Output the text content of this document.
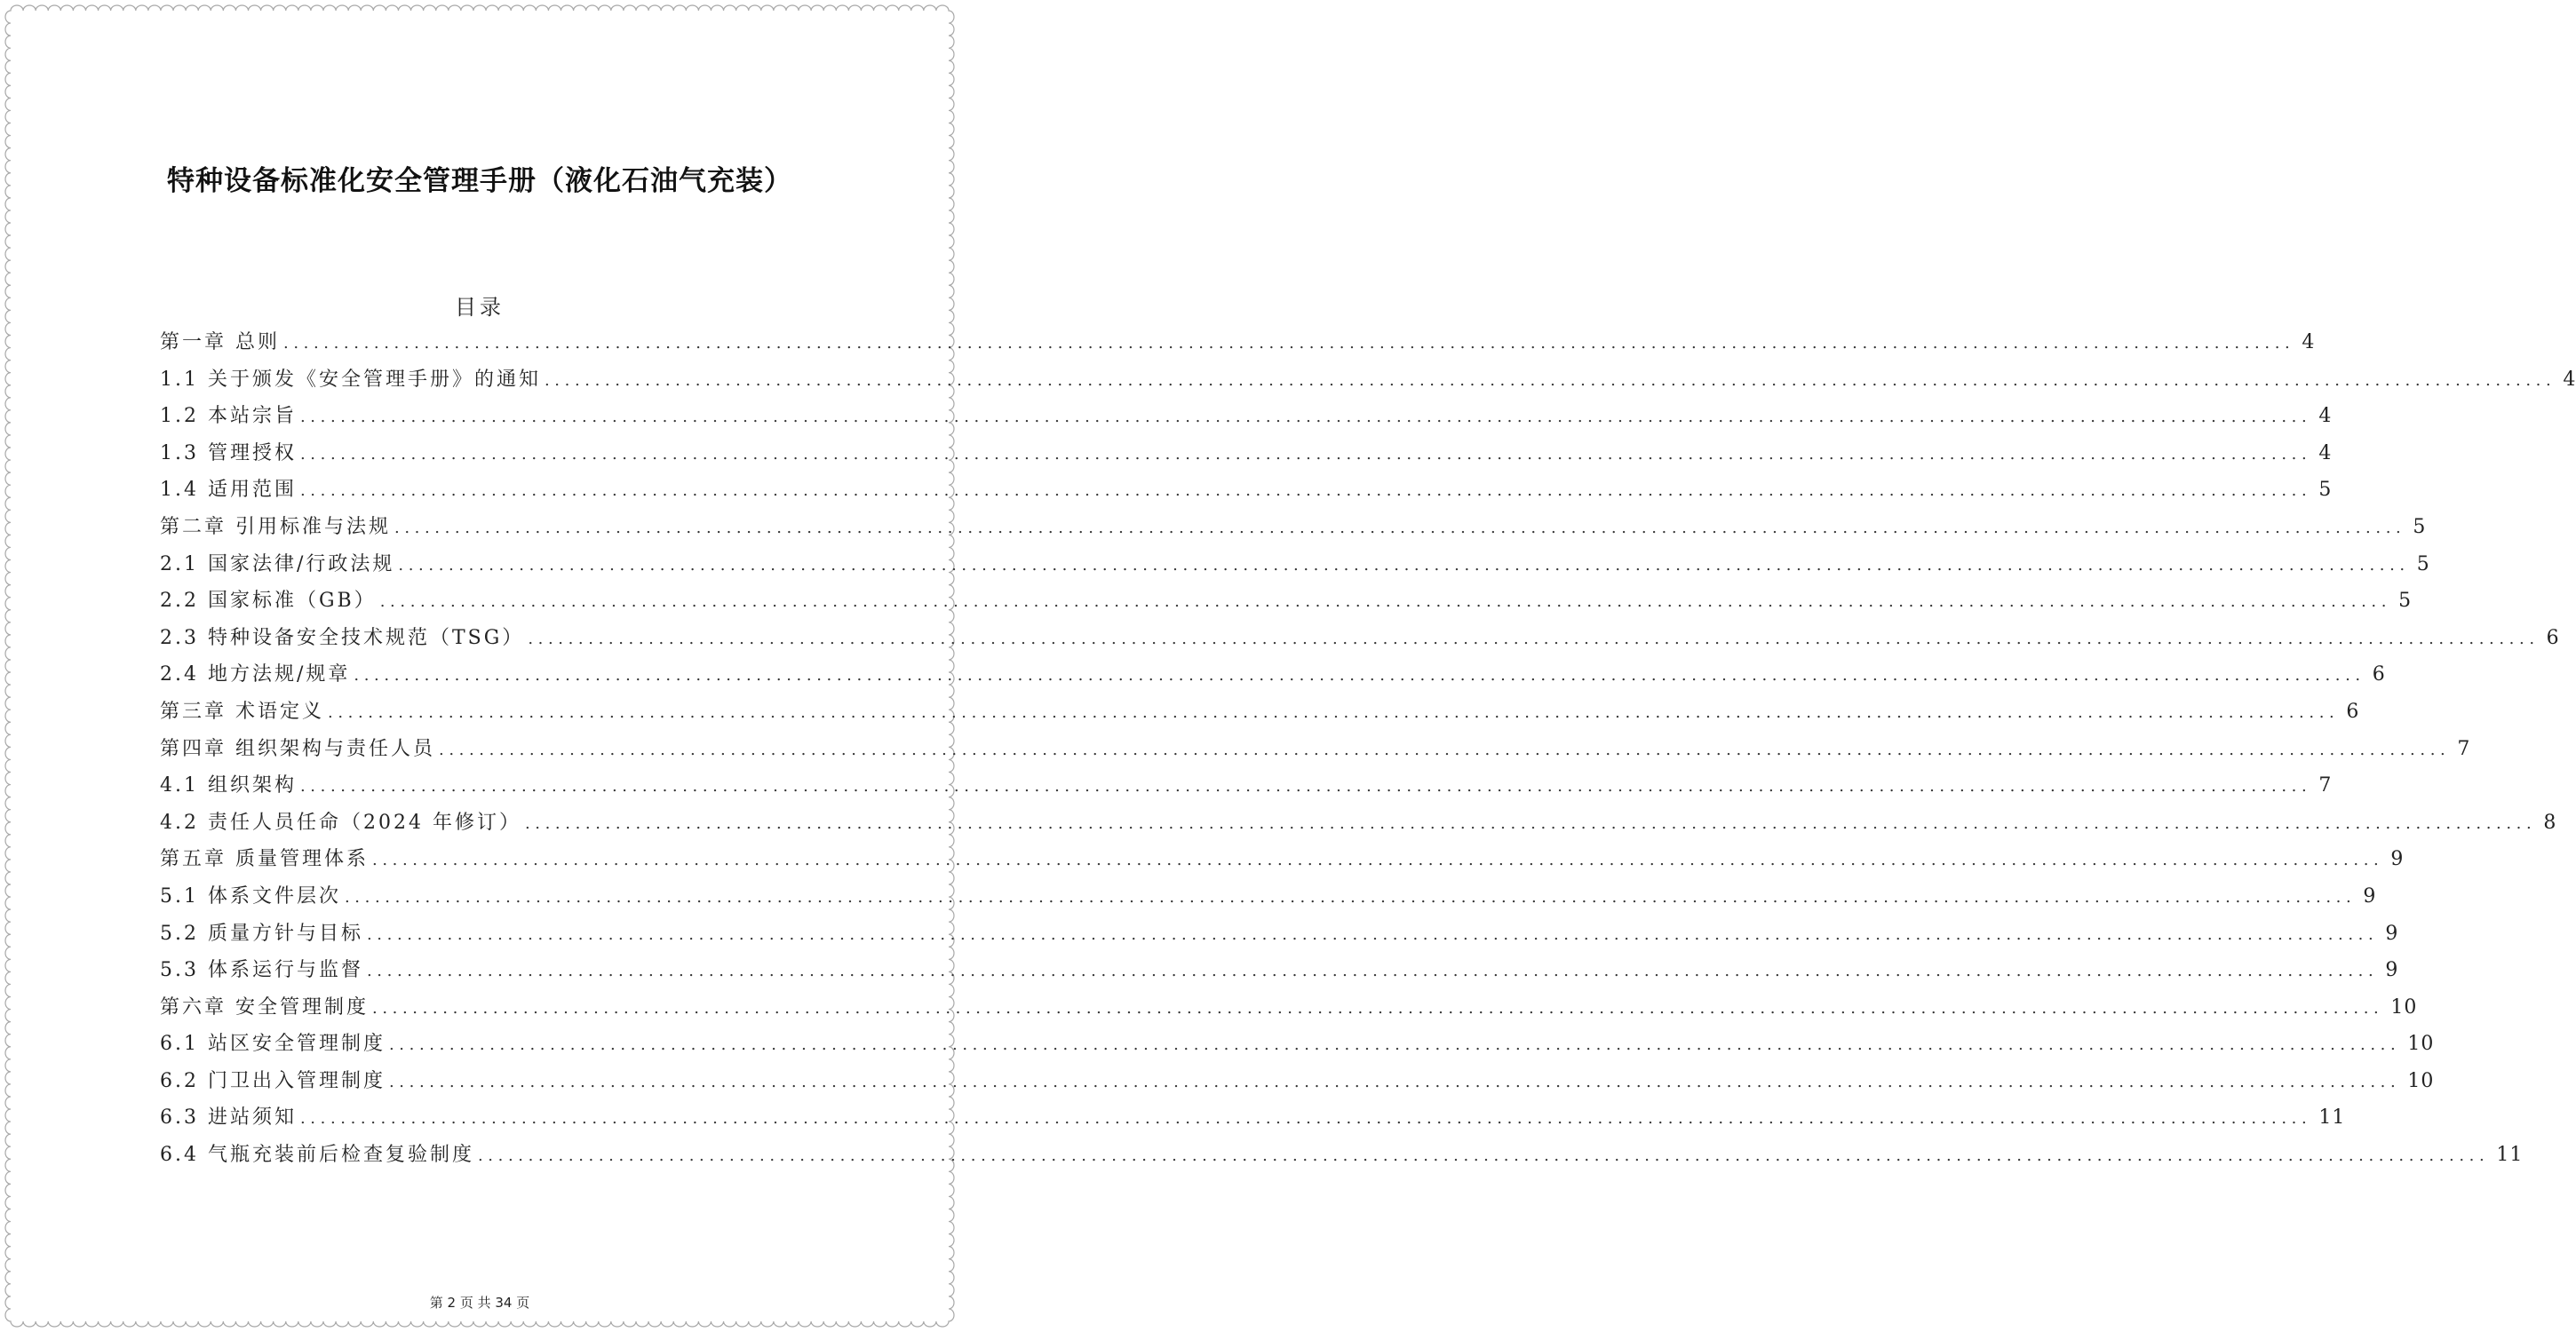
特种设备标准化安全管理手册（液化石油气充装）
目录
第一章 总则 ........................................................................................................................................................................................................ 4
1.1 关于颁发《安全管理手册》的通知 ........................................................................................................................................................................................................ 4
1.2 本站宗旨 ........................................................................................................................................................................................................ 4
1.3 管理授权 ........................................................................................................................................................................................................ 4
1.4 适用范围 ........................................................................................................................................................................................................ 5
第二章 引用标准与法规 ........................................................................................................................................................................................................ 5
2.1 国家法律/行政法规 ........................................................................................................................................................................................................ 5
2.2 国家标准（GB） ........................................................................................................................................................................................................ 5
2.3 特种设备安全技术规范（TSG） ........................................................................................................................................................................................................ 6
2.4 地方法规/规章 ........................................................................................................................................................................................................ 6
第三章 术语定义 ........................................................................................................................................................................................................ 6
第四章 组织架构与责任人员 ........................................................................................................................................................................................................ 7
4.1 组织架构 ........................................................................................................................................................................................................ 7
4.2 责任人员任命（2024 年修订） ........................................................................................................................................................................................................ 8
第五章 质量管理体系 ........................................................................................................................................................................................................ 9
5.1 体系文件层次 ........................................................................................................................................................................................................ 9
5.2 质量方针与目标 ........................................................................................................................................................................................................ 9
5.3 体系运行与监督 ........................................................................................................................................................................................................ 9
第六章 安全管理制度 ........................................................................................................................................................................................................ 10
6.1 站区安全管理制度 ........................................................................................................................................................................................................ 10
6.2 门卫出入管理制度 ........................................................................................................................................................................................................ 10
6.3 进站须知 ........................................................................................................................................................................................................ 11
6.4 气瓶充装前后检查复验制度 ........................................................................................................................................................................................................ 11
第 2 页 共 34 页
